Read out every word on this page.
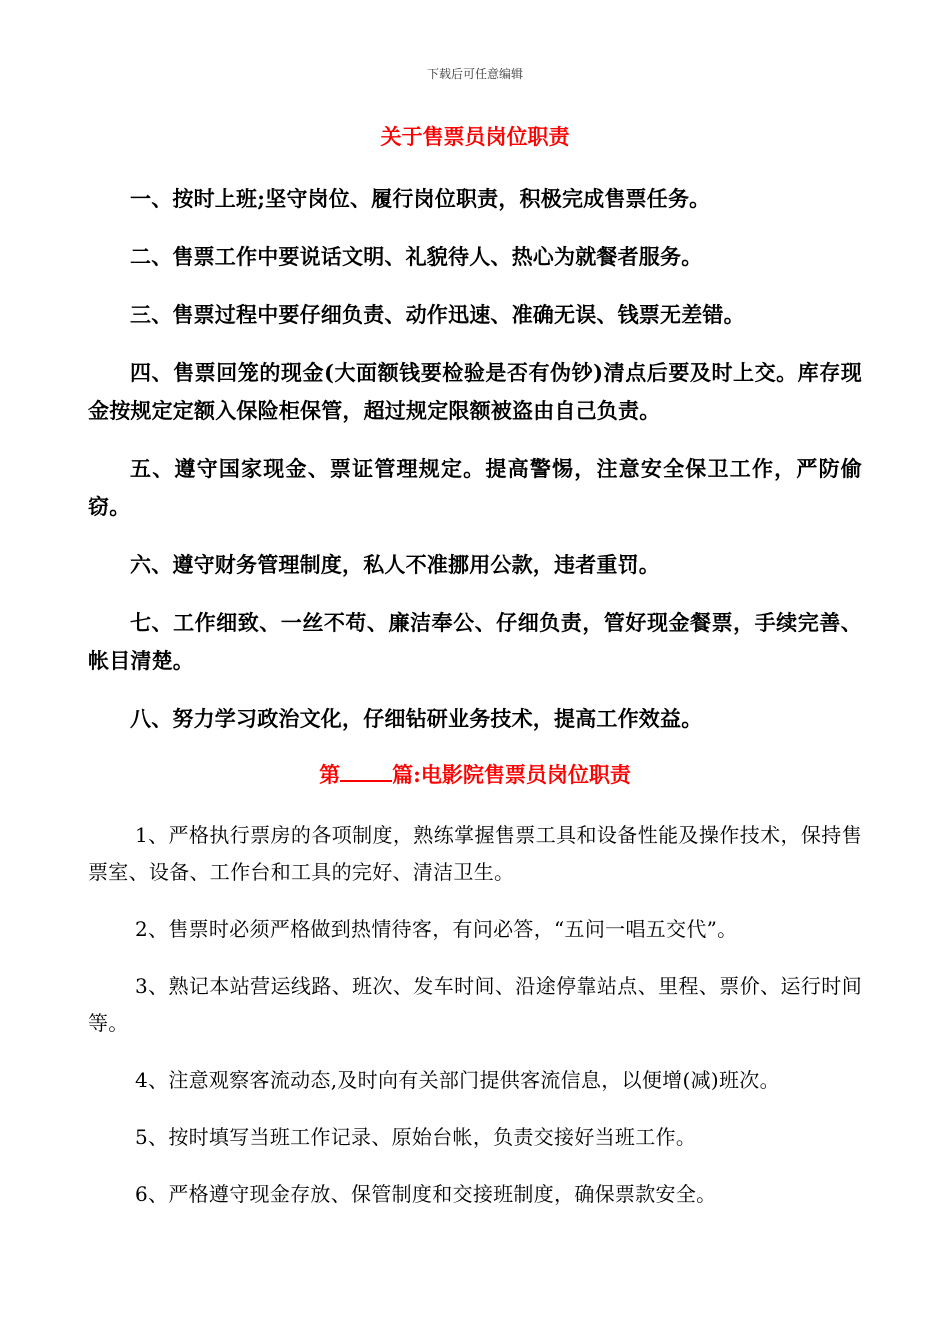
下载后可任意编辑
关于售票员岗位职责

一、按时上班;坚守岗位、履行岗位职责，积极完成售票任务。

二、售票工作中要说话文明、礼貌待人、热心为就餐者服务。

三、售票过程中要仔细负责、动作迅速、准确无误、钱票无差错。

四、售票回笼的现金(大面额钱要检验是否有伪钞)清点后要及时上交。库存现金按规定定额入保险柜保管，超过规定限额被盗由自己负责。

五、遵守国家现金、票证管理规定。提高警惕，注意安全保卫工作，严防偷窃。

六、遵守财务管理制度，私人不准挪用公款，违者重罚。

七、工作细致、一丝不苟、廉洁奉公、仔细负责，管好现金餐票，手续完善、帐目清楚。

八、努力学习政治文化，仔细钻研业务技术，提高工作效益。

第 篇:电影院售票员岗位职责

1、严格执行票房的各项制度，熟练掌握售票工具和设备性能及操作技术，保持售票室、设备、工作台和工具的完好、清洁卫生。

2、售票时必须严格做到热情待客，有问必答，“五问一唱五交代”。

3、熟记本站营运线路、班次、发车时间、沿途停靠站点、里程、票价、运行时间等。

4、注意观察客流动态,及时向有关部门提供客流信息，以便增(减)班次。

5、按时填写当班工作记录、原始台帐，负责交接好当班工作。

6、严格遵守现金存放、保管制度和交接班制度，确保票款安全。
